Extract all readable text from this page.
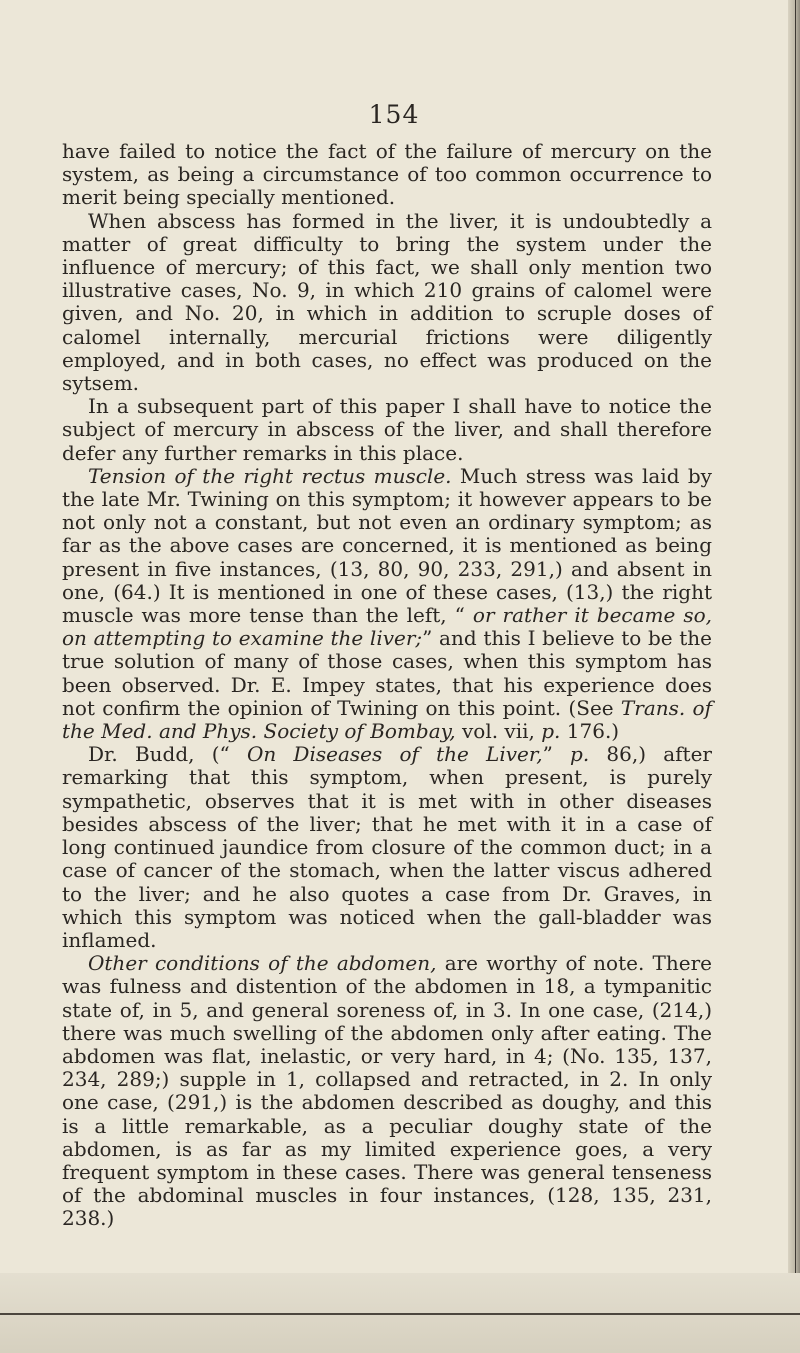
154

have failed to notice the fact of the failure of mercury on the system, as being a circumstance of too common occurrence to merit being specially mentioned.

When abscess has formed in the liver, it is undoubtedly a matter of great difficulty to bring the system under the influence of mercury; of this fact, we shall only mention two illustrative cases, No. 9, in which 210 grains of calomel were given, and No. 20, in which in addition to scruple doses of calomel internally, mercurial frictions were diligently employed, and in both cases, no effect was produced on the sytsem.

In a subsequent part of this paper I shall have to notice the subject of mercury in abscess of the liver, and shall therefore defer any further remarks in this place.

Tension of the right rectus muscle. Much stress was laid by the late Mr. Twining on this symptom; it however appears to be not only not a constant, but not even an ordinary symptom; as far as the above cases are concerned, it is mentioned as being present in five instances, (13, 80, 90, 233, 291,) and absent in one, (64.) It is mentioned in one of these cases, (13,) the right muscle was more tense than the left, “ or rather it became so, on attempting to examine the liver;” and this I believe to be the true solution of many of those cases, when this symptom has been observed. Dr. E. Impey states, that his experience does not confirm the opinion of Twining on this point. (See Trans. of the Med. and Phys. Society of Bombay, vol. vii, p. 176.)

Dr. Budd, (“ On Diseases of the Liver,” p. 86,) after remarking that this symptom, when present, is purely sympathetic, observes that it is met with in other diseases besides abscess of the liver; that he met with it in a case of long continued jaundice from closure of the common duct; in a case of cancer of the stomach, when the latter viscus adhered to the liver; and he also quotes a case from Dr. Graves, in which this symptom was noticed when the gall-bladder was inflamed.

Other conditions of the abdomen, are worthy of note. There was fulness and distention of the abdomen in 18, a tympanitic state of, in 5, and general soreness of, in 3. In one case, (214,) there was much swelling of the abdomen only after eating. The abdomen was flat, inelastic, or very hard, in 4; (No. 135, 137, 234, 289;) supple in 1, collapsed and retracted, in 2. In only one case, (291,) is the abdomen described as doughy, and this is a little remarkable, as a peculiar doughy state of the abdomen, is as far as my limited experience goes, a very frequent symptom in these cases. There was general tenseness of the abdominal muscles in four instances, (128, 135, 231, 238.)
